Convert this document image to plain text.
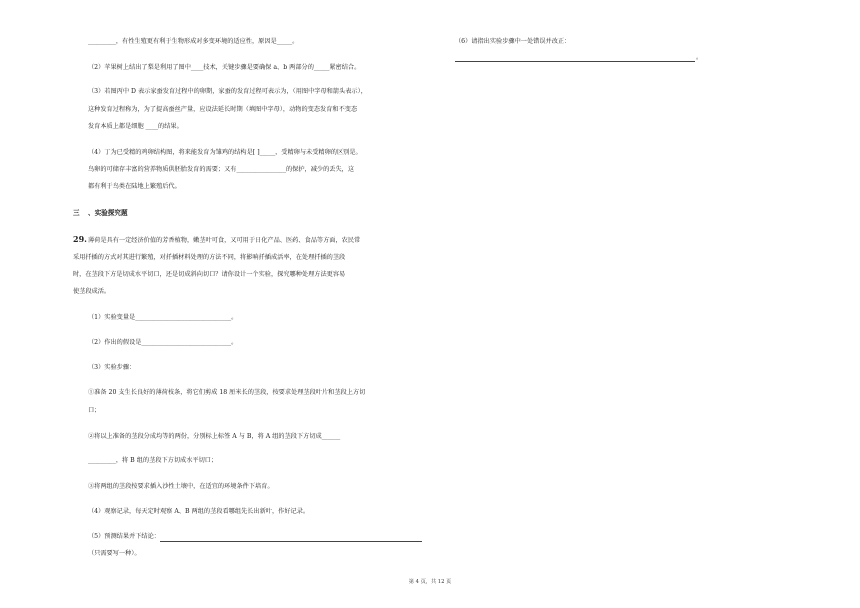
_________，有性生殖更有利于生物形成对多变环境的适应性，原因是_____。
（2）苹果树上结出了梨是利用了图中____技术，关键步骤是要确保 a、b 两部分的_____紧密结合。
（3）若图丙中 D 表示家蚕发育过程中的卵期，家蚕的发育过程可表示为，（用图中字母和箭头表示），
这种发育过程称为，为了提高蚕丝产量，应设法延长时期（填图中字母），动物的变态发育和不变态
发育本质上都是细胞 ____的结果。
（4）丁为已受精的鸡卵结构图，将来能发育为雏鸡的结构是[ ]_____，受精卵与未受精卵的区别是。
鸟卵的可储存丰富的营养物质供胚胎发育的需要；又有________________的保护，减少的丢失，这
都有利于鸟类在陆地上繁殖后代。
三 、实验探究题
29. 薄荷是具有一定经济价值的芳香植物，嫩茎叶可食，又可用于日化产品、医药、食品等方面，农民常
采用扦插的方式对其进行繁殖，对扦插材料处理的方法不同，将影响扦插成活率，在处理扦插的茎段
时，在茎段下方是切成水平切口，还是切成斜向切口？请你设计一个实验，探究哪种处理方法更容易
使茎段成活。
（1）实验变量是_______________________________。
（2）作出的假设是_____________________________。
（3）实验步骤：
①准备 20 支生长良好的薄荷枝条，将它们剪成 18 厘米长的茎段，按要求处理茎段叶片和茎段上方切
口；
②将以上准备的茎段分成均等的两份，分别标上标签 A 与 B，将 A 组的茎段下方切成______
_________，将 B 组的茎段下方切成水平切口；
③将两组的茎段按要求插入沙性土壤中，在适宜的环境条件下培育。
（4）观察记录，每天定时观察 A、B 两组的茎段看哪组先长出新叶，作好记录。
（5）预测结果并下结论：
（只需要写一种）。
（6）请指出实验步骤中一处错误并改正：
。
第 4 页，共 12 页
